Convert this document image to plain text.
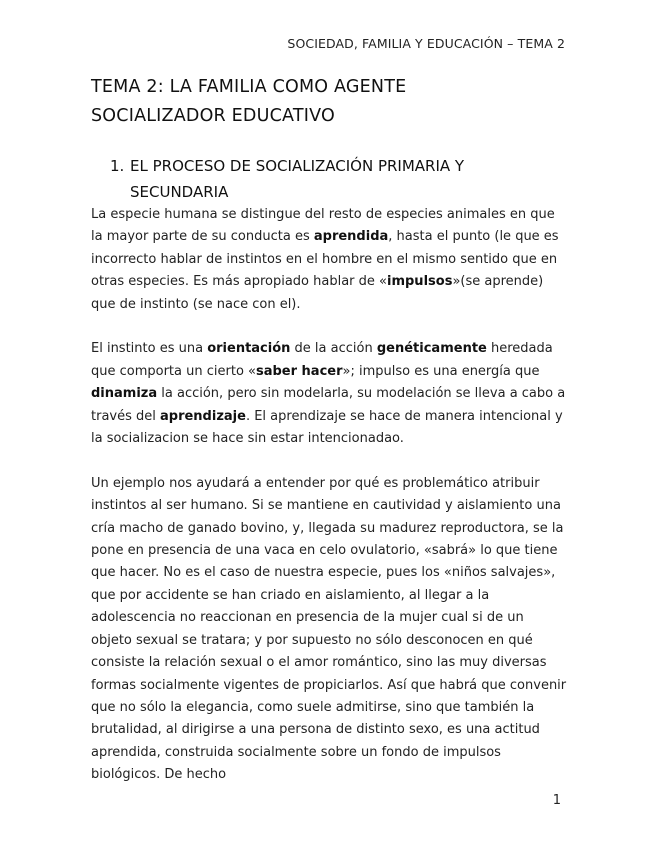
SOCIEDAD, FAMILIA Y EDUCACIÓN – TEMA 2
TEMA 2: LA FAMILIA COMO AGENTE
SOCIALIZADOR EDUCATIVO
1. EL PROCESO DE SOCIALIZACIÓN PRIMARIA Y
SECUNDARIA

La especie humana se distingue del resto de especies animales en que la mayor parte de su conducta es aprendida, hasta el punto (le que es incorrecto hablar de instintos en el hombre en el mismo sentido que en otras especies. Es más apropiado hablar de «impulsos»(se aprende) que de instinto (se nace con el).

El instinto es una orientación de la acción genéticamente heredada que comporta un cierto «saber hacer»; impulso es una energía que dinamiza la acción, pero sin modelarla, su modelación se lleva a cabo a través del aprendizaje. El aprendizaje se hace de manera intencional y la socializacion se hace sin estar intencionadao.

Un ejemplo nos ayudará a entender por qué es problemático atribuir instintos al ser humano. Si se mantiene en cautividad y aislamiento una cría macho de ganado bovino, y, llegada su madurez reproductora, se la pone en presencia de una vaca en celo ovulatorio, «sabrá» lo que tiene que hacer. No es el caso de nuestra especie, pues los «niños salvajes», que por accidente se han criado en aislamiento, al llegar a la adolescencia no reaccionan en presencia de la mujer cual si de un objeto sexual se tratara; y por supuesto no sólo desconocen en qué consiste la relación sexual o el amor romántico, sino las muy diversas formas socialmente vigentes de propiciarlos. Así que habrá que convenir que no sólo la elegancia, como suele admitirse, sino que también la brutalidad, al dirigirse a una persona de distinto sexo, es una actitud aprendida, construida socialmente sobre un fondo de impulsos biológicos. De hecho

1
